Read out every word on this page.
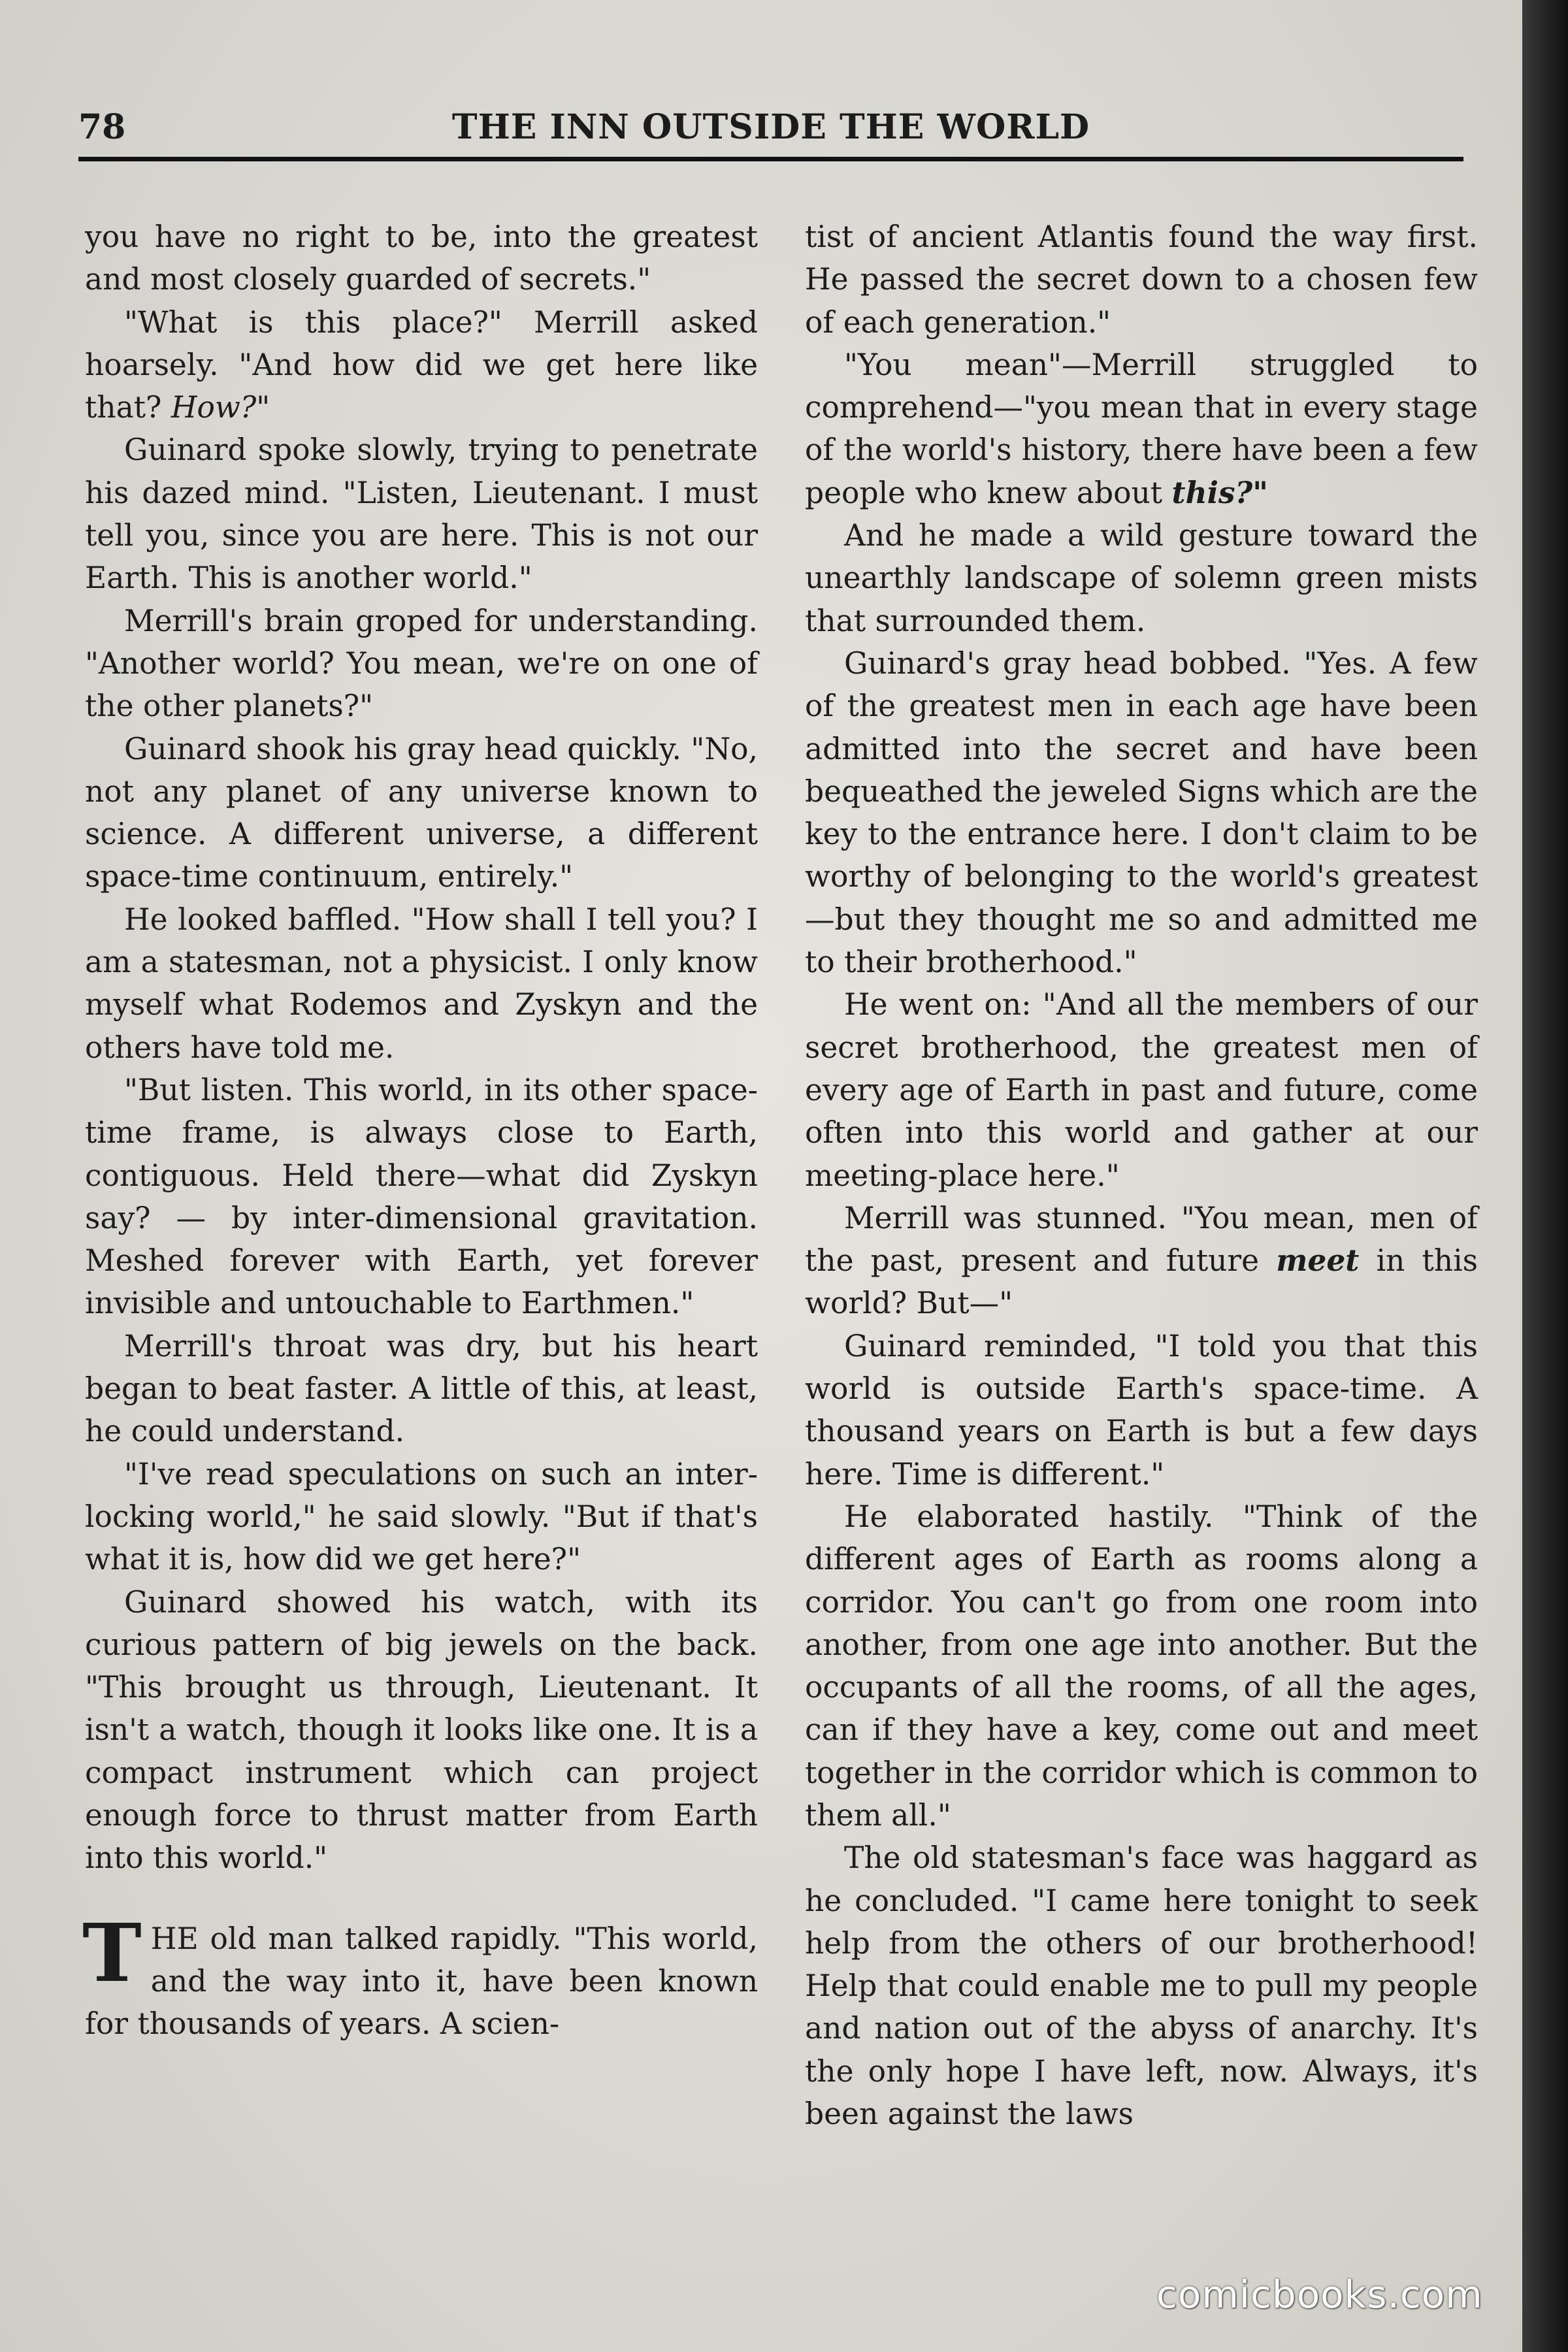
78	THE INN OUTSIDE THE WORLD

you have no right to be, into the greatest and most closely guarded of secrets."

"What is this place?" Merrill asked hoarsely. "And how did we get here like that? How?"

Guinard spoke slowly, trying to penetrate his dazed mind. "Listen, Lieutenant. I must tell you, since you are here. This is not our Earth. This is another world."

Merrill's brain groped for understanding. "Another world? You mean, we're on one of the other planets?"

Guinard shook his gray head quickly. "No, not any planet of any universe known to science. A different universe, a different space-time continuum, entirely."

He looked baffled. "How shall I tell you? I am a statesman, not a physicist. I only know myself what Rodemos and Zyskyn and the others have told me.

"But listen. This world, in its other space-time frame, is always close to Earth, contiguous. Held there—what did Zyskyn say? — by inter-dimensional gravitation. Meshed forever with Earth, yet forever invisible and untouchable to Earthmen."

Merrill's throat was dry, but his heart began to beat faster. A little of this, at least, he could understand.

"I've read speculations on such an inter-locking world," he said slowly. "But if that's what it is, how did we get here?"

Guinard showed his watch, with its curious pattern of big jewels on the back. "This brought us through, Lieutenant. It isn't a watch, though it looks like one. It is a compact instrument which can project enough force to thrust matter from Earth into this world."

THE old man talked rapidly. "This world, and the way into it, have been known for thousands of years. A scien-

tist of ancient Atlantis found the way first. He passed the secret down to a chosen few of each generation."

"You mean"—Merrill struggled to comprehend—"you mean that in every stage of the world's history, there have been a few people who knew about this?"

And he made a wild gesture toward the unearthly landscape of solemn green mists that surrounded them.

Guinard's gray head bobbed. "Yes. A few of the greatest men in each age have been admitted into the secret and have been bequeathed the jeweled Signs which are the key to the entrance here. I don't claim to be worthy of belonging to the world's greatest—but they thought me so and admitted me to their brotherhood."

He went on: "And all the members of our secret brotherhood, the greatest men of every age of Earth in past and future, come often into this world and gather at our meeting-place here."

Merrill was stunned. "You mean, men of the past, present and future meet in this world? But—"

Guinard reminded, "I told you that this world is outside Earth's space-time. A thousand years on Earth is but a few days here. Time is different."

He elaborated hastily. "Think of the different ages of Earth as rooms along a corridor. You can't go from one room into another, from one age into another. But the occupants of all the rooms, of all the ages, can if they have a key, come out and meet together in the corridor which is common to them all."

The old statesman's face was haggard as he concluded. "I came here tonight to seek help from the others of our brotherhood! Help that could enable me to pull my people and nation out of the abyss of anarchy. It's the only hope I have left, now. Always, it's been against the laws

comicbooks.com
